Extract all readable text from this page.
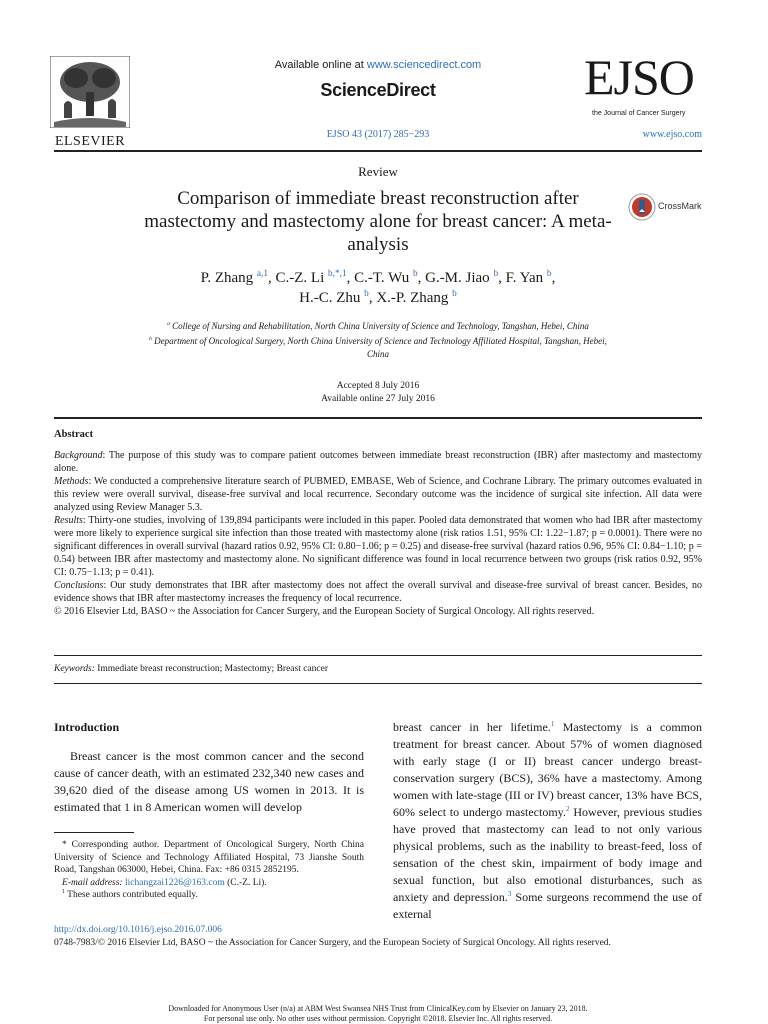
ELSEVIER
Available online at www.sciencedirect.com
ScienceDirect
EJSO 43 (2017) 285−293
EJSO
the Journal of Cancer Surgery
www.ejso.com
Review
Comparison of immediate breast reconstruction after mastectomy and mastectomy alone for breast cancer: A meta-analysis
CrossMark
P. Zhang $^{a,1}$, C.-Z. Li $^{b,*,1}$, C.-T. Wu $^b$, G.-M. Jiao $^b$, F. Yan $^b$,
H.-C. Zhu $^b$, X.-P. Zhang $^b$
$^a$ College of Nursing and Rehabilitation, North China University of Science and Technology, Tangshan, Hebei, China
$^b$ Department of Oncological Surgery, North China University of Science and Technology Affiliated Hospital, Tangshan, Hebei, China
Accepted 8 July 2016
Available online 27 July 2016
Abstract

Background: The purpose of this study was to compare patient outcomes between immediate breast reconstruction (IBR) after mastectomy and mastectomy alone.

Methods: We conducted a comprehensive literature search of PUBMED, EMBASE, Web of Science, and Cochrane Library. The primary outcomes evaluated in this review were overall survival, disease-free survival and local recurrence. Secondary outcome was the incidence of surgical site infection. All data were analyzed using Review Manager 5.3.

Results: Thirty-one studies, involving of 139,894 participants were included in this paper. Pooled data demonstrated that women who had IBR after mastectomy were more likely to experience surgical site infection than those treated with mastectomy alone (risk ratios 1.51, 95% CI: 1.22−1.87; p = 0.0001). There were no significant differences in overall survival (hazard ratios 0.92, 95% CI: 0.80−1.06; p = 0.25) and disease-free survival (hazard ratios 0.96, 95% CI: 0.84−1.10; p = 0.54) between IBR after mastectomy and mastectomy alone. No significant difference was found in local recurrence between two groups (risk ratios 0.92, 95% CI: 0.75−1.13; p = 0.41).

Conclusions: Our study demonstrates that IBR after mastectomy does not affect the overall survival and disease-free survival of breast cancer. Besides, no evidence shows that IBR after mastectomy increases the frequency of local recurrence.

© 2016 Elsevier Ltd, BASO ~ the Association for Cancer Surgery, and the European Society of Surgical Oncology. All rights reserved.

Keywords: Immediate breast reconstruction; Mastectomy; Breast cancer
Introduction

Breast cancer is the most common cancer and the second cause of cancer death, with an estimated 232,340 new cases and 39,620 died of the disease among US women in 2013. It is estimated that 1 in 8 American women will develop

* Corresponding author. Department of Oncological Surgery, North China University of Science and Technology Affiliated Hospital, 73 Jianshe South Road, Tangshan 063000, Hebei, China. Fax: +86 0315 2852195.

E-mail address: lichangzai1226@163.com (C.-Z. Li).

$^1$ These authors contributed equally.

breast cancer in her lifetime.$^1$ Mastectomy is a common treatment for breast cancer. About 57% of women diagnosed with early stage (I or II) breast cancer undergo breast-conservation surgery (BCS), 36% have a mastectomy. Among women with late-stage (III or IV) breast cancer, 13% have BCS, 60% select to undergo mastectomy.$^2$ However, previous studies have proved that mastectomy can lead to not only various physical problems, such as the inability to breast-feed, loss of sensation of the chest skin, impairment of body image and sexual function, but also emotional disturbances, such as anxiety and depression.$^3$ Some surgeons recommend the use of external

http://dx.doi.org/10.1016/j.ejso.2016.07.006
0748-7983/© 2016 Elsevier Ltd, BASO ~ the Association for Cancer Surgery, and the European Society of Surgical Oncology. All rights reserved.
Downloaded for Anonymous User (n/a) at ABM West Swansea NHS Trust from ClinicalKey.com by Elsevier on January 23, 2018.
For personal use only. No other uses without permission. Copyright ©2018. Elsevier Inc. All rights reserved.
